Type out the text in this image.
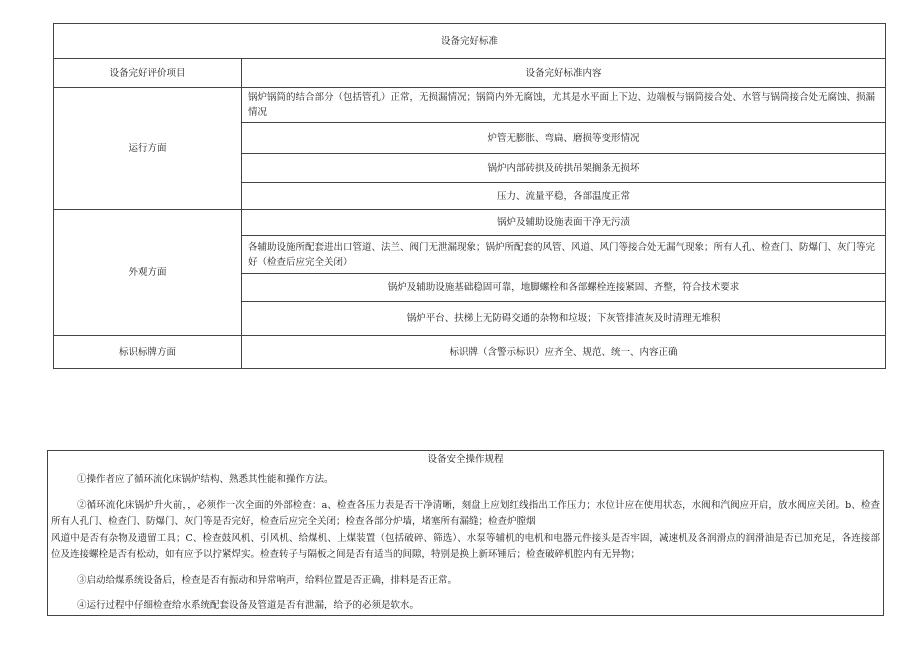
设备完好标准	
设备完好评价项目	设备完好标准内容
运行方面	锅炉锅筒的结合部分（包括管孔）正常，无损漏情况；锅筒内外无腐蚀，尤其是水平面上下边、边端板与锅筒接合处、水管与锅筒接合处无腐蚀、损漏情况
	炉管无膨胀、弯扁、磨损等变形情况
	锅炉内部砖拱及砖拱吊架搁条无损坏
	压力、流量平稳，各部温度正常
外观方面	锅炉及辅助设施表面干净无污渍
	各辅助设施所配套进出口管道、法兰、阀门无泄漏现象；锅炉所配套的风管、风道、风门等接合处无漏气现象；所有人孔、检查门、防爆门、灰门等完好（检查后应完全关闭）
	锅炉及辅助设施基础稳固可靠，地脚螺栓和各部螺栓连接紧固、齐整，符合技术要求
	锅炉平台、扶梯上无防碍交通的杂物和垃圾；下灰管排渣灰及时清理无堆积
标识标牌方面	标识牌（含警示标识）应齐全、规范、统一、内容正确
设备安全操作规程

①操作者应了循环流化床锅炉结构、熟悉其性能和操作方法。

②循环流化床锅炉升火前，，必须作一次全面的外部检查：a、检查各压力表是否干净清晰，刻盘上应划红线指出工作压力；水位计应在使用状态，水阀和汽阀应开启，放水阀应关闭。b、检查所有人孔门、检查门、防爆门、灰门等是否完好，检查后应完全关闭；检查各部分炉墙，堵塞所有漏缝；检查炉膛烟

风道中是否有杂物及遗留工具；C、检查鼓风机、引风机、给煤机、上煤装置（包括破碎、筛选）、水泵等辅机的电机和电器元件接头是否牢固，减速机及各润滑点的润滑油是否已加充足，各连接部位及连接螺栓是否有松动，如有应予以拧紧焊实。检查转子与隔板之间是否有适当的间隙，特别是换上新环锤后；检查破碎机腔内有无异物；

③启动给煤系统设备后，检查是否有振动和异常响声，给料位置是否正确，排料是否正常。

④运行过程中仔细检查给水系统配套设备及管道是否有泄漏，给予的必须是软水。
